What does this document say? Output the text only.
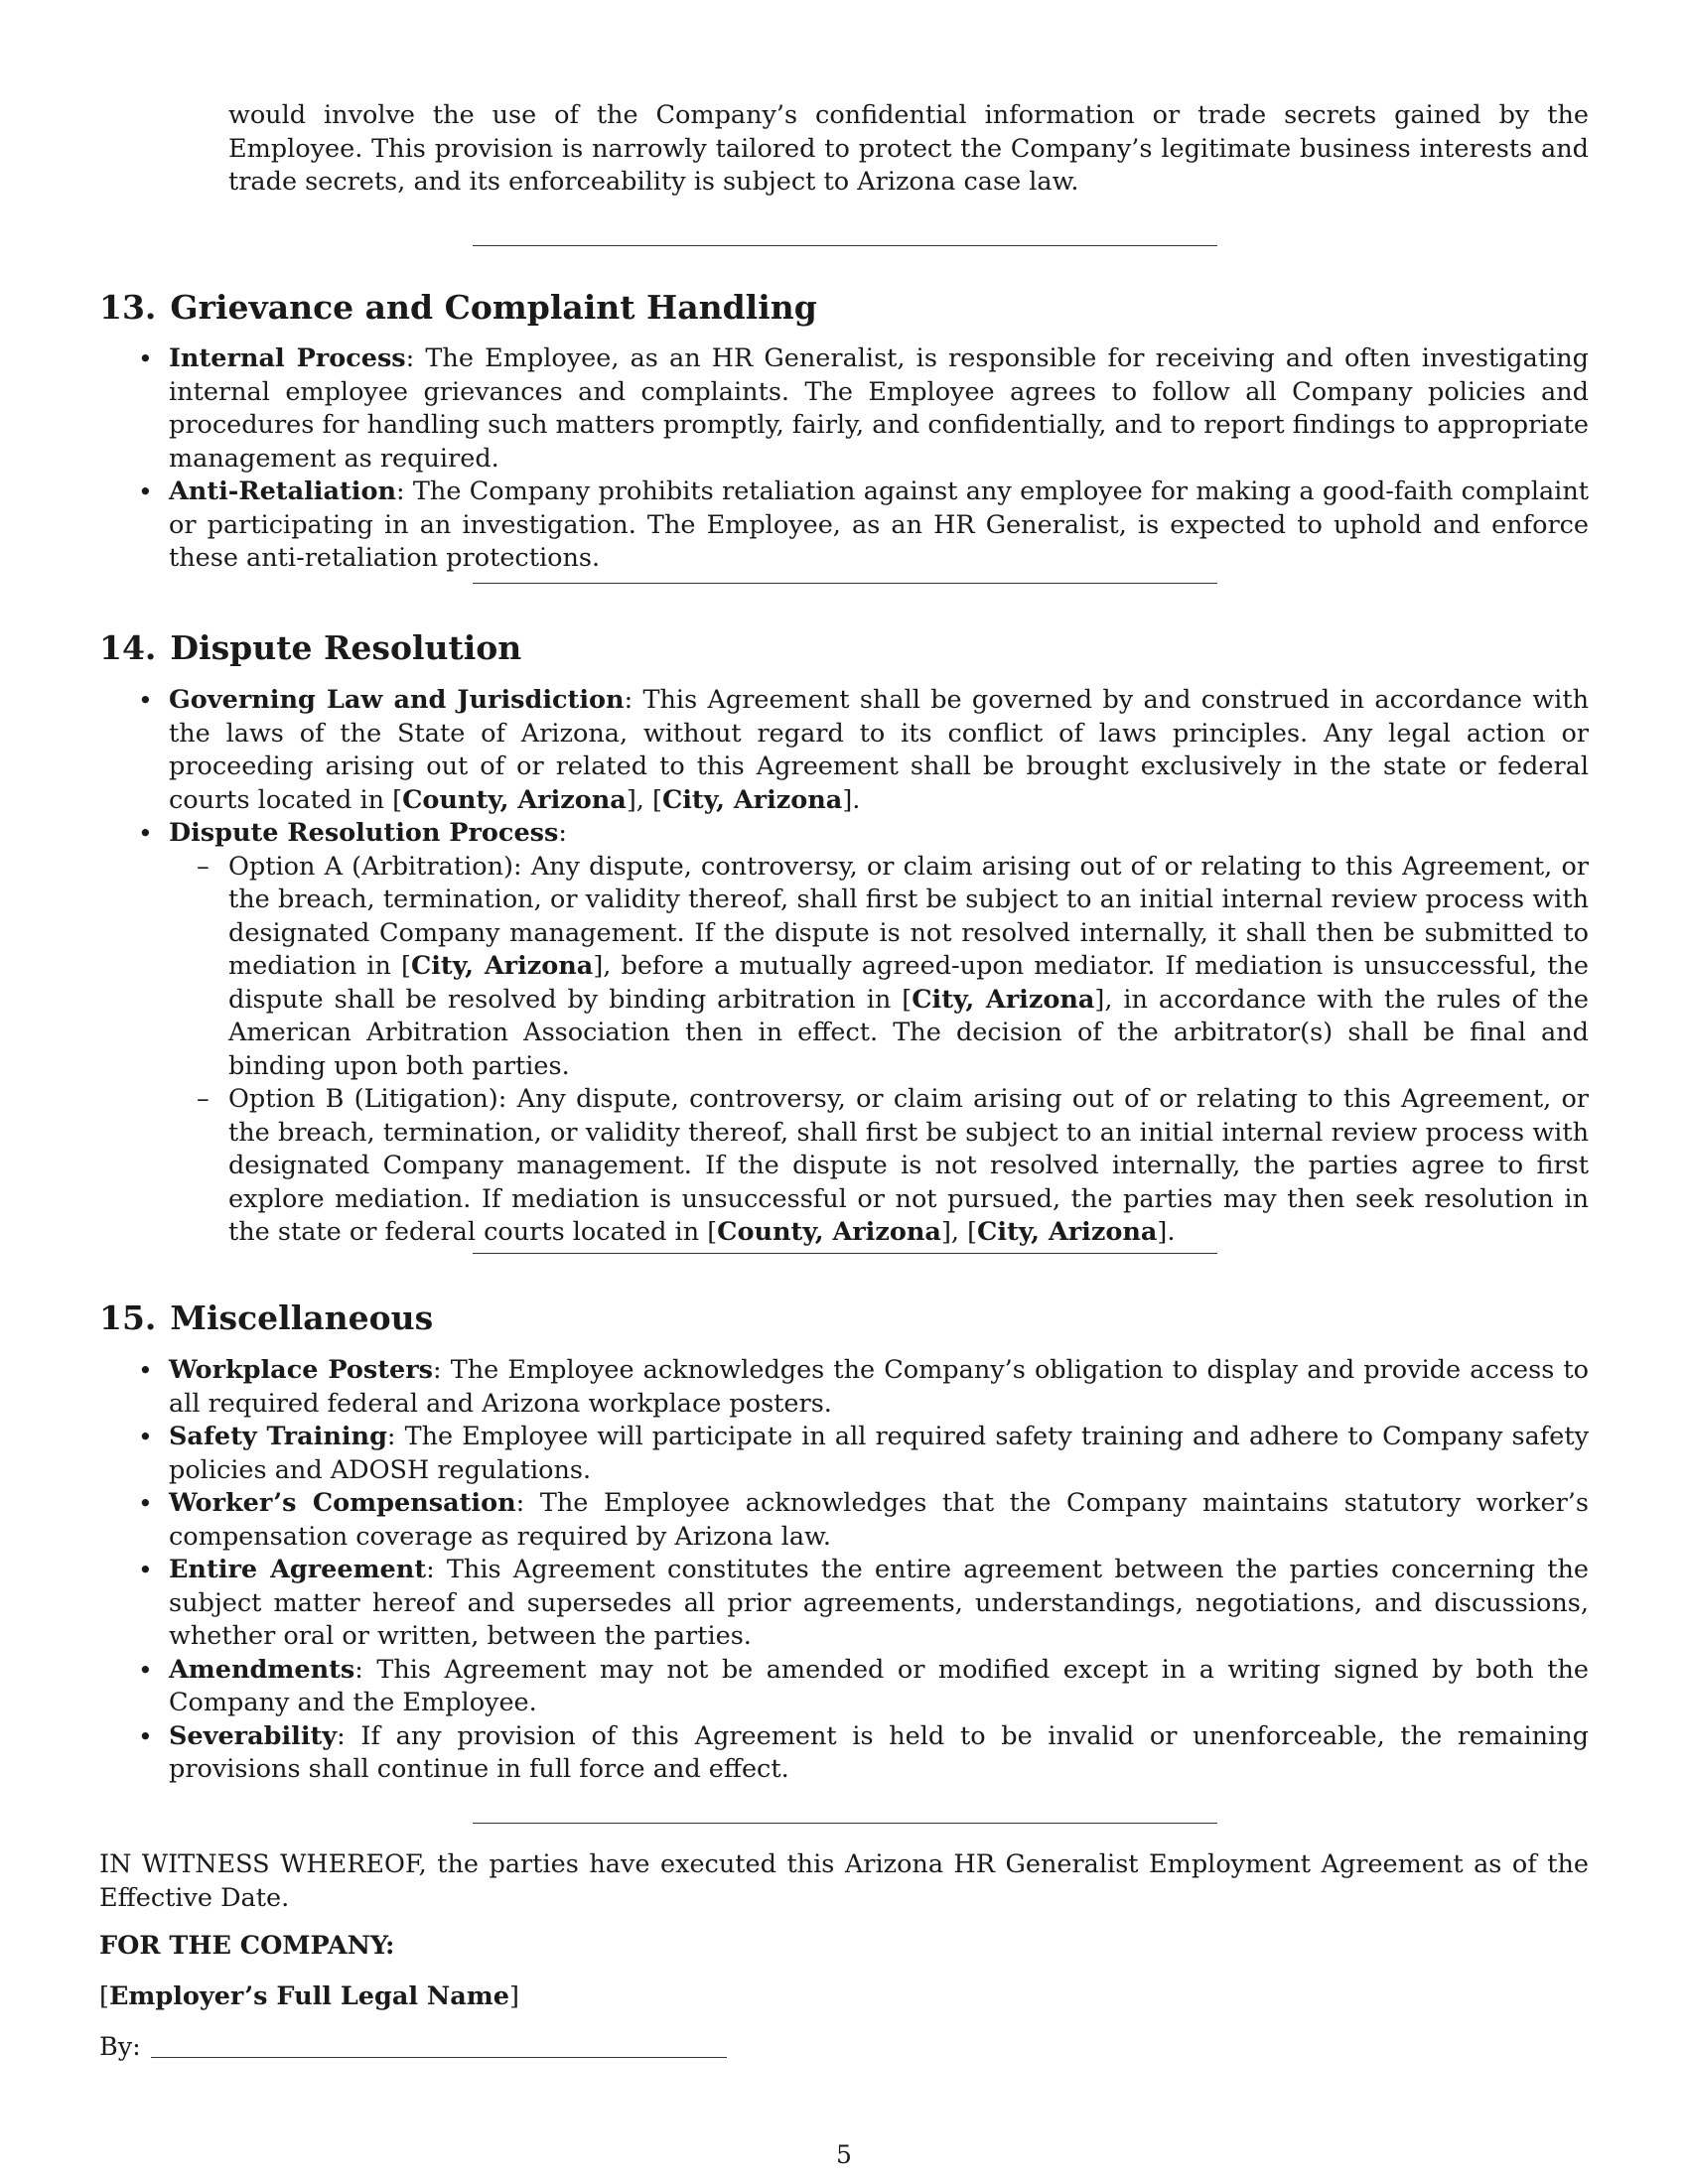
would involve the use of the Company’s confidential information or trade secrets gained by the Employee. This provision is narrowly tailored to protect the Company’s legitimate business interests and trade secrets, and its enforceability is subject to Arizona case law.

13. Grievance and Complaint Handling
• Internal Process: The Employee, as an HR Generalist, is responsible for receiving and often investigating internal employee grievances and complaints. The Employee agrees to follow all Company policies and procedures for handling such matters promptly, fairly, and confidentially, and to report findings to appropriate management as required.
• Anti-Retaliation: The Company prohibits retaliation against any employee for making a good-faith complaint or participating in an investigation. The Employee, as an HR Generalist, is expected to uphold and enforce these anti-retaliation protections.
14. Dispute Resolution
• Governing Law and Jurisdiction: This Agreement shall be governed by and construed in accordance with the laws of the State of Arizona, without regard to its conflict of laws principles. Any legal action or proceeding arising out of or related to this Agreement shall be brought exclusively in the state or federal courts located in [County, Arizona], [City, Arizona].
• Dispute Resolution Process:
– Option A (Arbitration): Any dispute, controversy, or claim arising out of or relating to this Agreement, or the breach, termination, or validity thereof, shall first be subject to an initial internal review process with designated Company management. If the dispute is not resolved internally, it shall then be submitted to mediation in [City, Arizona], before a mutually agreed-upon mediator. If mediation is unsuccessful, the dispute shall be resolved by binding arbitration in [City, Arizona], in accordance with the rules of the American Arbitration Association then in effect. The decision of the arbitrator(s) shall be final and binding upon both parties.
– Option B (Litigation): Any dispute, controversy, or claim arising out of or relating to this Agreement, or the breach, termination, or validity thereof, shall first be subject to an initial internal review process with designated Company management. If the dispute is not resolved internally, the parties agree to first explore mediation. If mediation is unsuccessful or not pursued, the parties may then seek resolution in the state or federal courts located in [County, Arizona], [City, Arizona].
15. Miscellaneous
• Workplace Posters: The Employee acknowledges the Company’s obligation to display and provide access to all required federal and Arizona workplace posters.
• Safety Training: The Employee will participate in all required safety training and adhere to Company safety policies and ADOSH regulations.
• Worker’s Compensation: The Employee acknowledges that the Company maintains statutory worker’s compensation coverage as required by Arizona law.
• Entire Agreement: This Agreement constitutes the entire agreement between the parties concerning the subject matter hereof and supersedes all prior agreements, understandings, negotiations, and discussions, whether oral or written, between the parties.
• Amendments: This Agreement may not be amended or modified except in a writing signed by both the Company and the Employee.
• Severability: If any provision of this Agreement is held to be invalid or unenforceable, the remaining provisions shall continue in full force and effect.

IN WITNESS WHEREOF, the parties have executed this Arizona HR Generalist Employment Agreement as of the Effective Date.

FOR THE COMPANY:
[Employer’s Full Legal Name]
By:
5
